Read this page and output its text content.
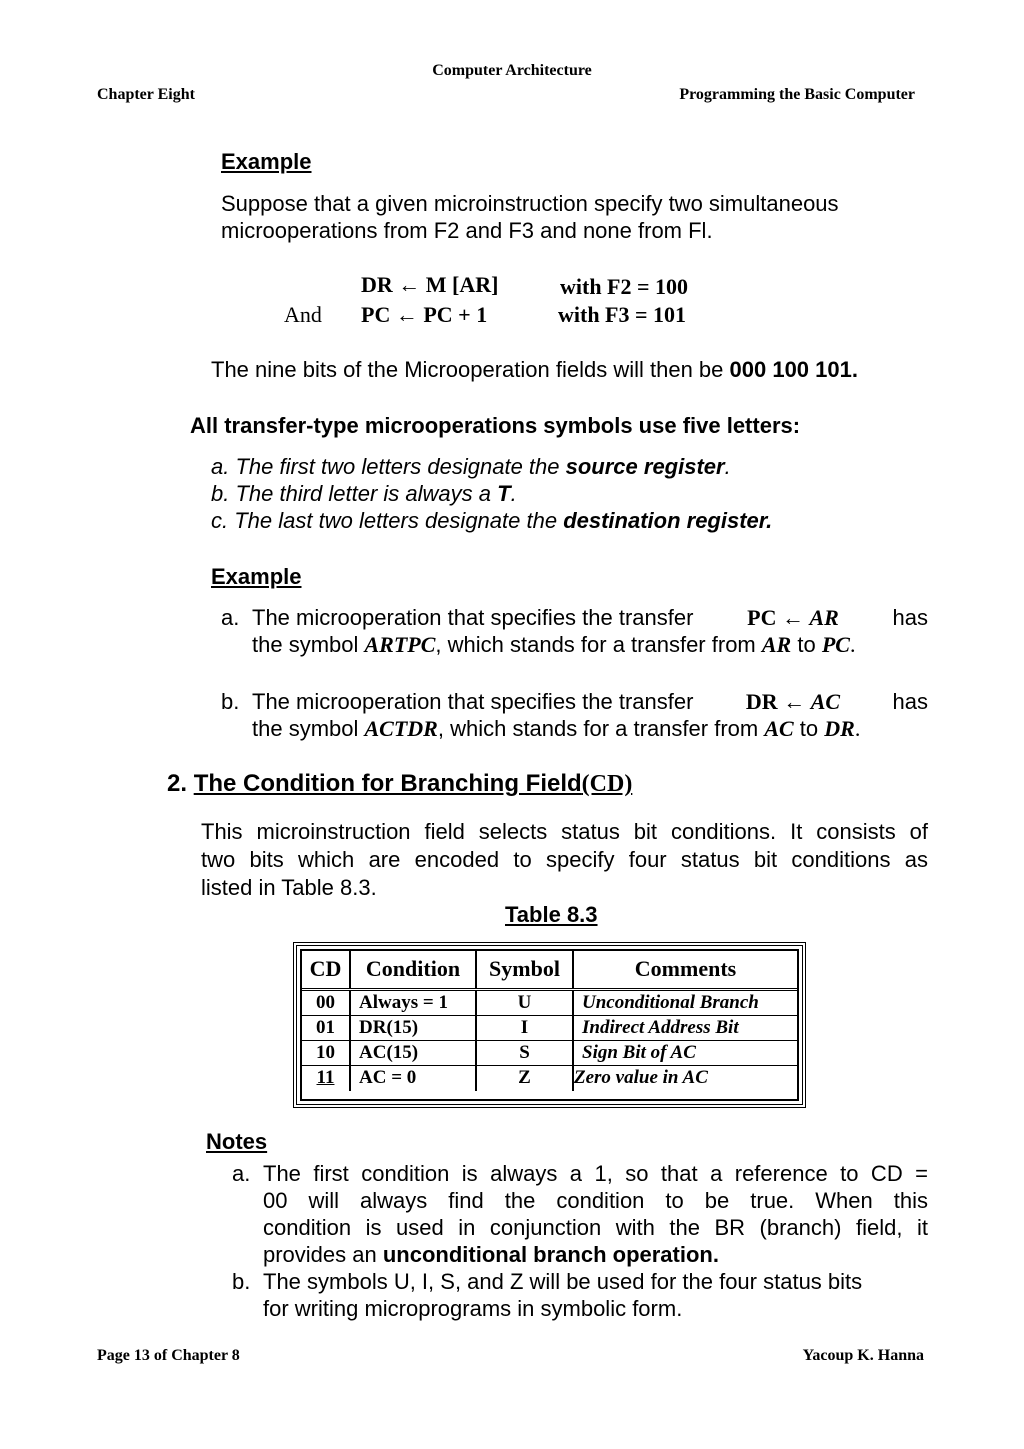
Computer Architecture
Chapter Eight	Programming the Basic Computer
Example
Suppose that a given microinstruction specify two simultaneous
microoperations from F2 and F3 and none from Fl.
DR ← M [AR]	with F2 = 100
And PC ← PC + 1	with F3 = 101
The nine bits of the Microoperation fields will then be 000 100 101.
All transfer-type microoperations symbols use five letters:
a. The first two letters designate the source register.
b. The third letter is always a T.
c. The last two letters designate the destination register.
Example
a. The microoperation that specifies the transfer PC ← AR has
the symbol ARTPC, which stands for a transfer from AR to PC.
b. The microoperation that specifies the transfer DR ← AC has
the symbol ACTDR, which stands for a transfer from AC to DR.
2. The Condition for Branching Field(CD)
This microinstruction field selects status bit conditions. It consists of
two bits which are encoded to specify four status bit conditions as
listed in Table 8.3.
Table 8.3
CD	Condition	Symbol	Comments
00	Always = 1	U	Unconditional Branch
01	DR(15)	I	Indirect Address Bit
10	AC(15)	S	Sign Bit of AC
11	AC = 0	Z	Zero value in AC
Notes
a. The first condition is always a 1, so that a reference to CD =
00 will always find the condition to be true. When this
condition is used in conjunction with the BR (branch) field, it
provides an unconditional branch operation.
b. The symbols U, I, S, and Z will be used for the four status bits
for writing microprograms in symbolic form.
Page 13 of Chapter 8	Yacoup K. Hanna
